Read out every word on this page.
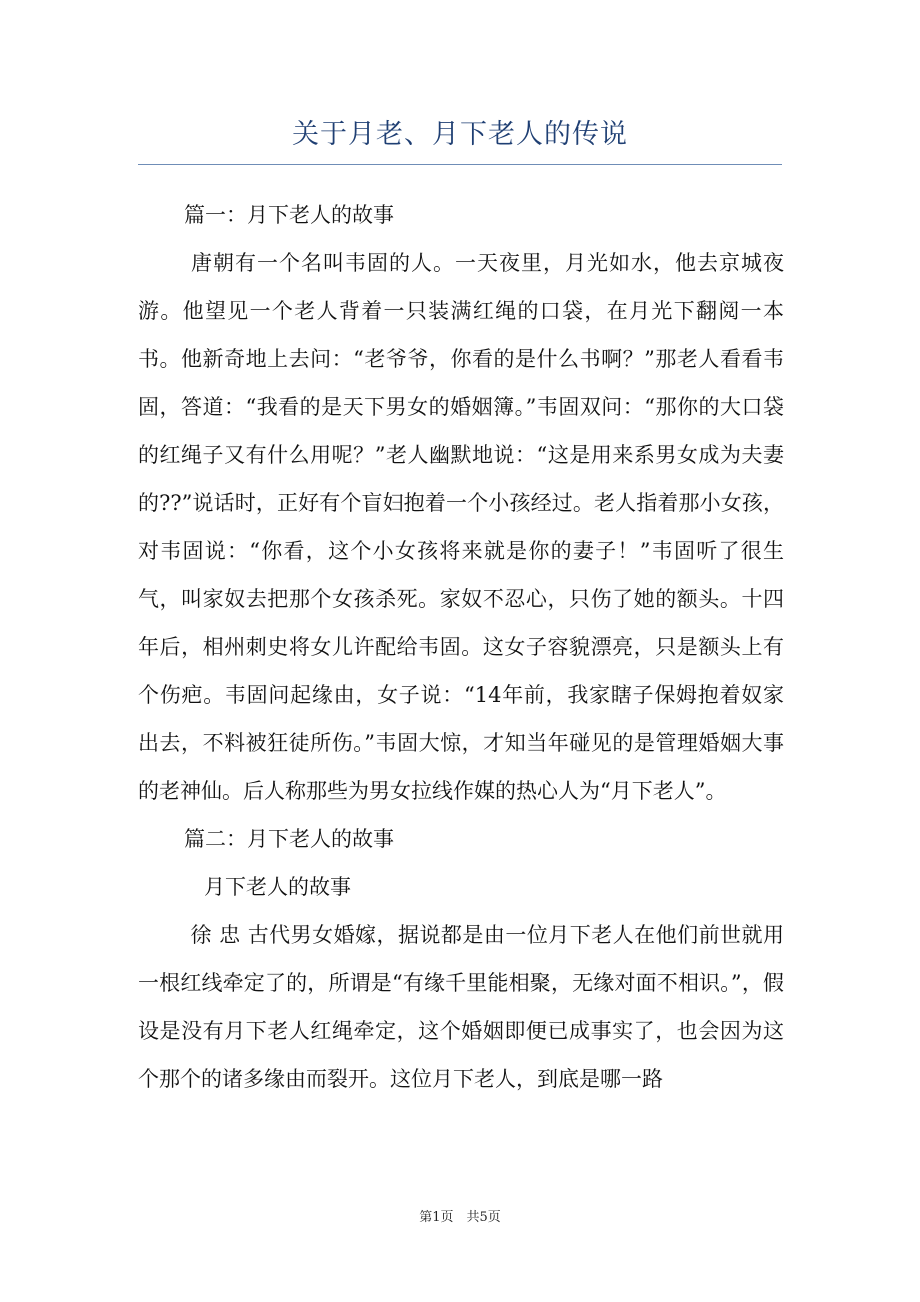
关于月老、月下老人的传说

篇一：月下老人的故事

唐朝有一个名叫韦固的人。一天夜里，月光如水，他去京城夜游。他望见一个老人背着一只装满红绳的口袋，在月光下翻阅一本书。他新奇地上去问：“老爷爷，你看的是什么书啊？”那老人看看韦固，答道：“我看的是天下男女的婚姻簿。”韦固双问：“那你的大口袋的红绳子又有什么用呢？”老人幽默地说：“这是用来系男女成为夫妻的??”说话时，正好有个盲妇抱着一个小孩经过。老人指着那小女孩，对韦固说：“你看，这个小女孩将来就是你的妻子！”韦固听了很生气，叫家奴去把那个女孩杀死。家奴不忍心，只伤了她的额头。十四年后，相州刺史将女儿许配给韦固。这女子容貌漂亮，只是额头上有个伤疤。韦固问起缘由，女子说：“14年前，我家瞎子保姆抱着奴家出去，不料被狂徒所伤。”韦固大惊，才知当年碰见的是管理婚姻大事的老神仙。后人称那些为男女拉线作媒的热心人为“月下老人”。

篇二：月下老人的故事

月下老人的故事

徐 忠 古代男女婚嫁，据说都是由一位月下老人在他们前世就用一根红线牵定了的，所谓是“有缘千里能相聚，无缘对面不相识。”，假设是没有月下老人红绳牵定，这个婚姻即便已成事实了，也会因为这个那个的诸多缘由而裂开。这位月下老人，到底是哪一路

第1页　共5页
